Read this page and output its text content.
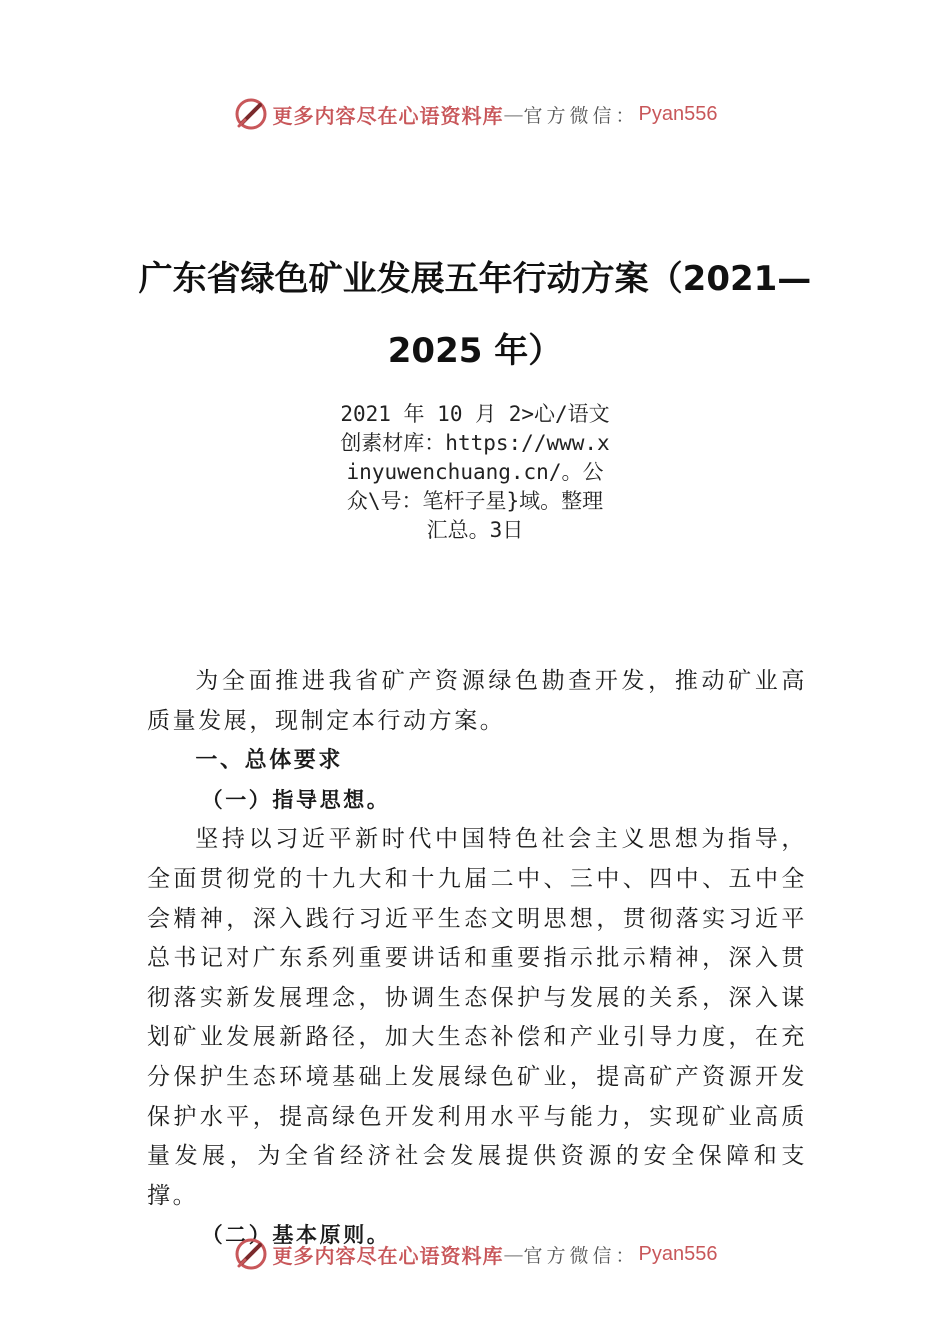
更多内容尽在心语资料库 — 官方微信： Pyan556
广东省绿色矿业发展五年行动方案（2021—
2025 年）
2021 年 10 月 2>心/语文创素材库：https://www.xinyuwenchuang.cn/。公众\号：笔杆子星}域。整理汇总。3日

为全面推进我省矿产资源绿色勘查开发，推动矿业高质量发展，现制定本行动方案。

一、总体要求

（一）指导思想。

坚持以习近平新时代中国特色社会主义思想为指导，全面贯彻党的十九大和十九届二中、三中、四中、五中全会精神，深入践行习近平生态文明思想，贯彻落实习近平总书记对广东系列重要讲话和重要指示批示精神，深入贯彻落实新发展理念，协调生态保护与发展的关系，深入谋划矿业发展新路径，加大生态补偿和产业引导力度，在充分保护生态环境基础上发展绿色矿业，提高矿产资源开发保护水平，提高绿色开发利用水平与能力，实现矿业高质量发展，为全省经济社会发展提供资源的安全保障和支撑。

（二）基本原则。

更多内容尽在心语资料库 — 官方微信： Pyan556
